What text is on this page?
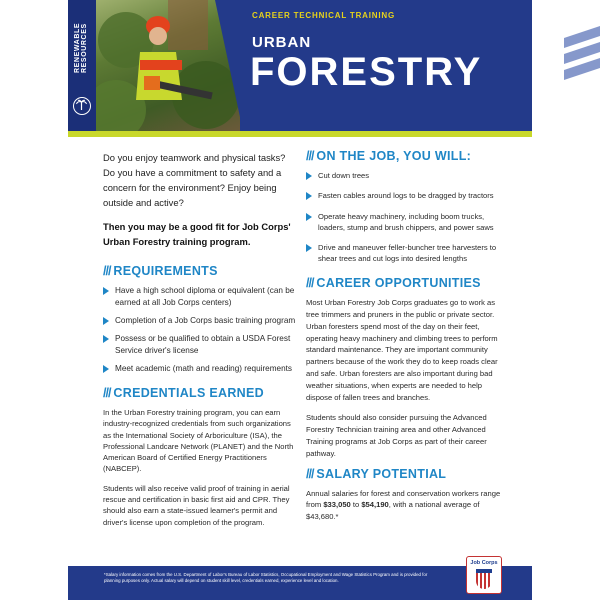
RENEWABLE RESOURCES
CAREER TECHNICAL TRAINING
URBAN
FORESTRY

Do you enjoy teamwork and physical tasks? Do you have a commitment to safety and a concern for the environment? Enjoy being outside and active?

Then you may be a good fit for Job Corps' Urban Forestry training program.

/// REQUIREMENTS
Have a high school diploma or equivalent (can be earned at all Job Corps centers)
Completion of a Job Corps basic training program
Possess or be qualified to obtain a USDA Forest Service driver's license
Meet academic (math and reading) requirements
/// CREDENTIALS EARNED

In the Urban Forestry training program, you can earn industry-recognized credentials from such organizations as the International Society of Arboriculture (ISA), the Professional Landcare Network (PLANET) and the North American Board of Certified Energy Practitioners (NABCEP).

Students will also receive valid proof of training in aerial rescue and certification in basic first aid and CPR. They should also earn a state-issued learner's permit and driver's license upon completion of the program.

/// ON THE JOB, YOU WILL:
Cut down trees
Fasten cables around logs to be dragged by tractors
Operate heavy machinery, including boom trucks, loaders, stump and brush chippers, and power saws
Drive and maneuver feller-buncher tree harvesters to shear trees and cut logs into desired lengths
/// CAREER OPPORTUNITIES

Most Urban Forestry Job Corps graduates go to work as tree trimmers and pruners in the public or private sector. Urban foresters spend most of the day on their feet, operating heavy machinery and climbing trees to perform standard maintenance. They are important community partners because of the work they do to keep roads clear and safe. Urban foresters are also important during bad weather situations, when experts are needed to help dispose of fallen trees and branches.

Students should also consider pursuing the Advanced Forestry Technician training area and other Advanced Training programs at Job Corps as part of their career pathway.

/// SALARY POTENTIAL

Annual salaries for forest and conservation workers range from $33,050 to $54,190, with a national average of $43,680.*

*Salary information comes from the U.S. Department of Labor's Bureau of Labor Statistics, Occupational Employment and Wage Statistics Program and is provided for planning purposes only. Actual salary will depend on student skill level, credentials earned, experience level and location.
Job Corps
